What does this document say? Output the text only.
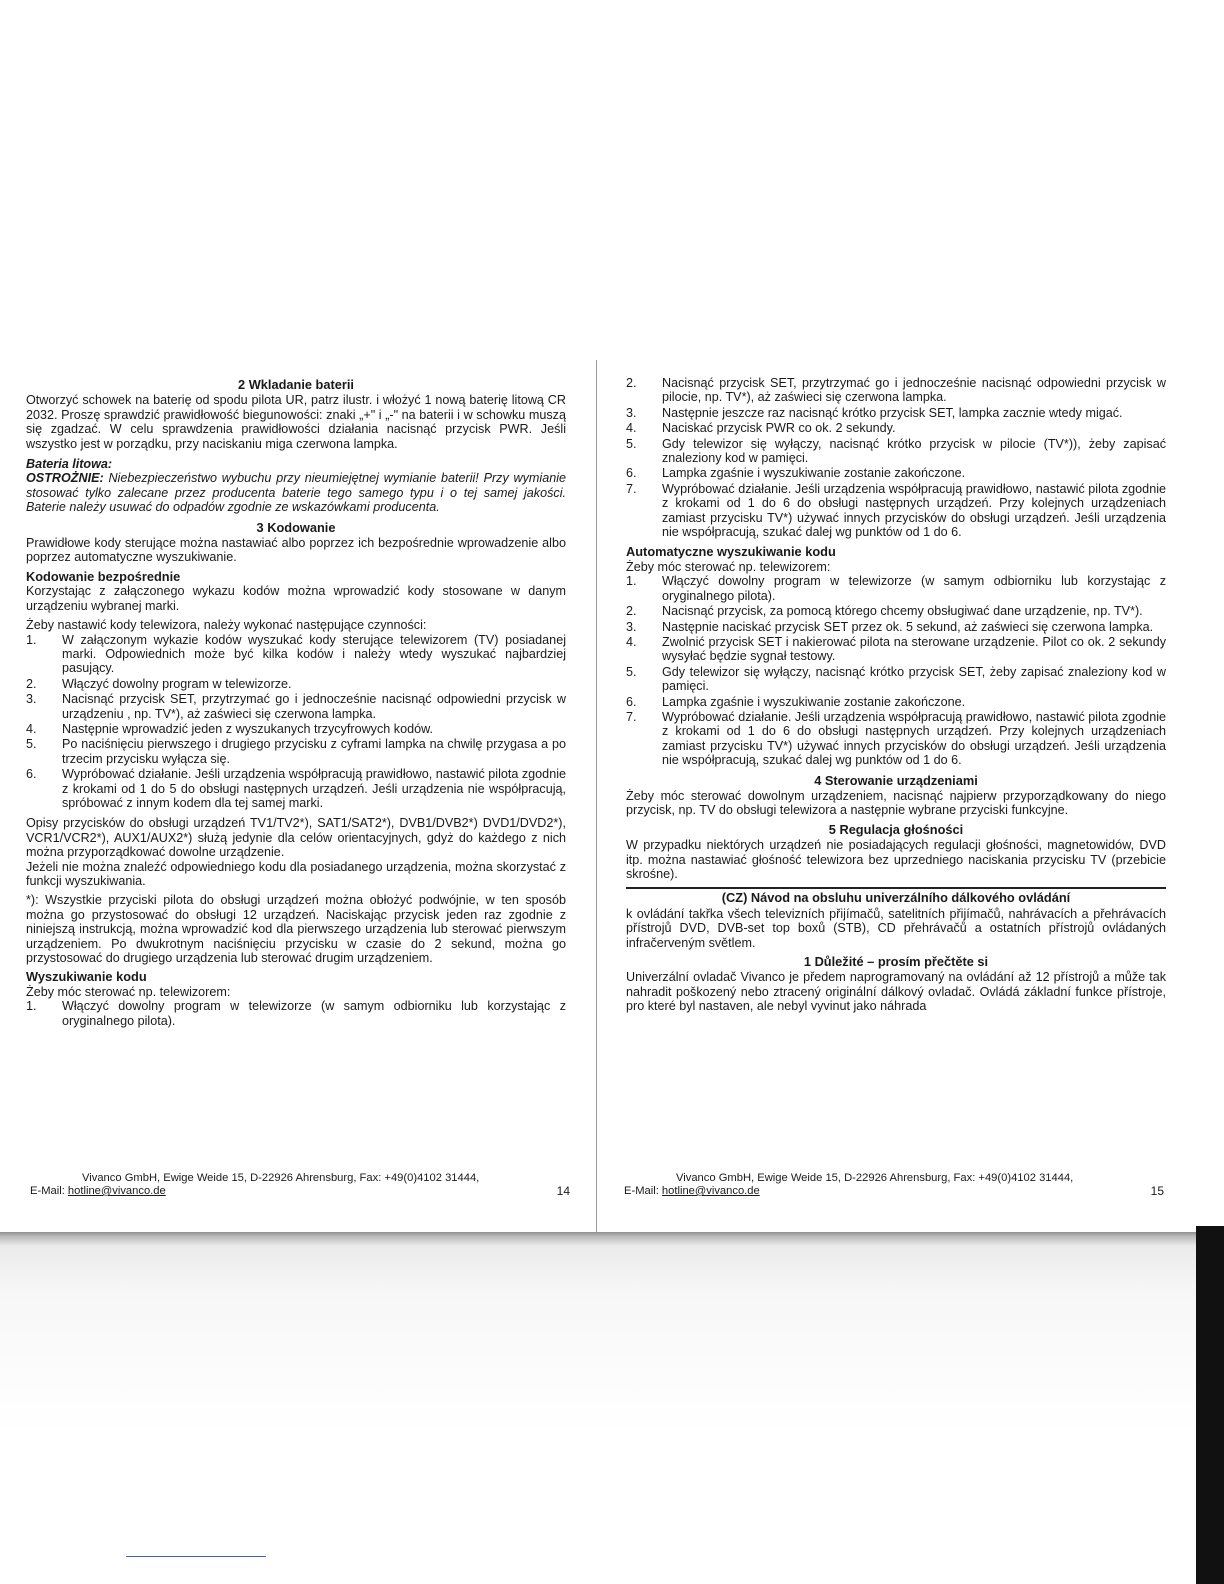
2 Wkladanie baterii

Otworzyć schowek na baterię od spodu pilota UR, patrz ilustr. i włożyć 1 nową baterię litową CR 2032. Proszę sprawdzić prawidłowość biegunowości: znaki „+" i „-" na baterii i w schowku muszą się zgadzać. W celu sprawdzenia prawidłowości działania nacisnąć przycisk PWR. Jeśli wszystko jest w porządku, przy naciskaniu miga czerwona lampka.

Bateria litowa:
OSTROŻNIE: Niebezpieczeństwo wybuchu przy nieumiejętnej wymianie baterii! Przy wymianie stosować tylko zalecane przez producenta baterie tego samego typu i o tej samej jakości. Baterie należy usuwać do odpadów zgodnie ze wskazówkami producenta.
3 Kodowanie

Prawidłowe kody sterujące można nastawiać albo poprzez ich bezpośrednie wprowadzenie albo poprzez automatyczne wyszukiwanie.

Kodowanie bezpośrednie

Korzystając z załączonego wykazu kodów można wprowadzić kody stosowane w danym urządzeniu wybranej marki.

Żeby nastawić kody telewizora, należy wykonać następujące czynności:

1. W załączonym wykazie kodów wyszukać kody sterujące telewizorem (TV) posiadanej marki. Odpowiednich może być kilka kodów i należy wtedy wyszukać najbardziej pasujący.
2. Włączyć dowolny program w telewizorze.
3. Nacisnąć przycisk SET, przytrzymać go i jednocześnie nacisnąć odpowiedni przycisk w urządzeniu , np. TV*), aż zaświeci się czerwona lampka.
4. Następnie wprowadzić jeden z wyszukanych trzycyfrowych kodów.
5. Po naciśnięciu pierwszego i drugiego przycisku z cyframi lampka na chwilę przygasa a po trzecim przycisku wyłącza się.
6. Wypróbować działanie. Jeśli urządzenia współpracują prawidłowo, nastawić pilota zgodnie z krokami od 1 do 5 do obsługi następnych urządzeń. Jeśli urządzenia nie współpracują, spróbować z innym kodem dla tej samej marki.

Opisy przycisków do obsługi urządzeń TV1/TV2*), SAT1/SAT2*), DVB1/DVB2*) DVD1/DVD2*), VCR1/VCR2*), AUX1/AUX2*) służą jedynie dla celów orientacyjnych, gdyż do każdego z nich można przyporządkować dowolne urządzenie.

Jeżeli nie można znaleźć odpowiedniego kodu dla posiadanego urządzenia, można skorzystać z funkcji wyszukiwania.

*): Wszystkie przyciski pilota do obsługi urządzeń można obłożyć podwójnie, w ten sposób można go przystosować do obsługi 12 urządzeń. Naciskając przycisk jeden raz zgodnie z niniejszą instrukcją, można wprowadzić kod dla pierwszego urządzenia lub sterować pierwszym urządzeniem. Po dwukrotnym naciśnięciu przycisku w czasie do 2 sekund, można go przystosować do drugiego urządzenia lub sterować drugim urządzeniem.

Wyszukiwanie kodu

Żeby móc sterować np. telewizorem:

1. Włączyć dowolny program w telewizorze (w samym odbiorniku lub korzystając z oryginalnego pilota).
2. Nacisnąć przycisk SET, przytrzymać go i jednocześnie nacisnąć odpowiedni przycisk w pilocie, np. TV*), aż zaświeci się czerwona lampka.
3. Następnie jeszcze raz nacisnąć krótko przycisk SET, lampka zacznie wtedy migać.
4. Naciskać przycisk PWR co ok. 2 sekundy.
5. Gdy telewizor się wyłączy, nacisnąć krótko przycisk w pilocie (TV*)), żeby zapisać znaleziony kod w pamięci.
6. Lampka zgaśnie i wyszukiwanie zostanie zakończone.
7. Wypróbować działanie. Jeśli urządzenia współpracują prawidłowo, nastawić pilota zgodnie z krokami od 1 do 6 do obsługi następnych urządzeń. Przy kolejnych urządzeniach zamiast przycisku TV*) używać innych przycisków do obsługi urządzeń. Jeśli urządzenia nie współpracują, szukać dalej wg punktów od 1 do 6.
Automatyczne wyszukiwanie kodu

Żeby móc sterować np. telewizorem:

1. Włączyć dowolny program w telewizorze (w samym odbiorniku lub korzystając z oryginalnego pilota).
2. Nacisnąć przycisk, za pomocą którego chcemy obsługiwać dane urządzenie, np. TV*).
3. Następnie naciskać przycisk SET przez ok. 5 sekund, aż zaświeci się czerwona lampka.
4. Zwolnić przycisk SET i nakierować pilota na sterowane urządzenie. Pilot co ok. 2 sekundy wysyłać będzie sygnał testowy.
5. Gdy telewizor się wyłączy, nacisnąć krótko przycisk SET, żeby zapisać znaleziony kod w pamięci.
6. Lampka zgaśnie i wyszukiwanie zostanie zakończone.
7. Wypróbować działanie. Jeśli urządzenia współpracują prawidłowo, nastawić pilota zgodnie z krokami od 1 do 6 do obsługi następnych urządzeń. Przy kolejnych urządzeniach zamiast przycisku TV*) używać innych przycisków do obsługi urządzeń. Jeśli urządzenia nie współpracują, szukać dalej wg punktów od 1 do 6.
4 Sterowanie urządzeniami

Żeby móc sterować dowolnym urządzeniem, nacisnąć najpierw przyporządkowany do niego przycisk, np. TV do obsługi telewizora a następnie wybrane przyciski funkcyjne.

5 Regulacja głośności

W przypadku niektórych urządzeń nie posiadających regulacji głośności, magnetowidów, DVD itp. można nastawiać głośność telewizora bez uprzedniego naciskania przycisku TV (przebicie skrośne).

(CZ) Návod na obsluhu univerzálního dálkového ovládání

k ovládání takřka všech televizních přijímačů, satelitních přijímačů, nahrávacích a přehrávacích přístrojů DVD, DVB-set top boxů (STB), CD přehrávačů a ostatních přístrojů ovládaných infračerveným světlem.

1 Důležité – prosím přečtěte si

Univerzální ovladač Vivanco je předem naprogramovaný na ovládání až 12 přístrojů a může tak nahradit poškozený nebo ztracený originální dálkový ovladač. Ovládá základní funkce přístroje, pro které byl nastaven, ale nebyl vyvinut jako náhrada

Vivanco GmbH, Ewige Weide 15, D-22926 Ahrensburg, Fax: +49(0)4102 31444,
E-Mail: hotline@vivanco.de	14
Vivanco GmbH, Ewige Weide 15, D-22926 Ahrensburg, Fax: +49(0)4102 31444,
E-Mail: hotline@vivanco.de	15
